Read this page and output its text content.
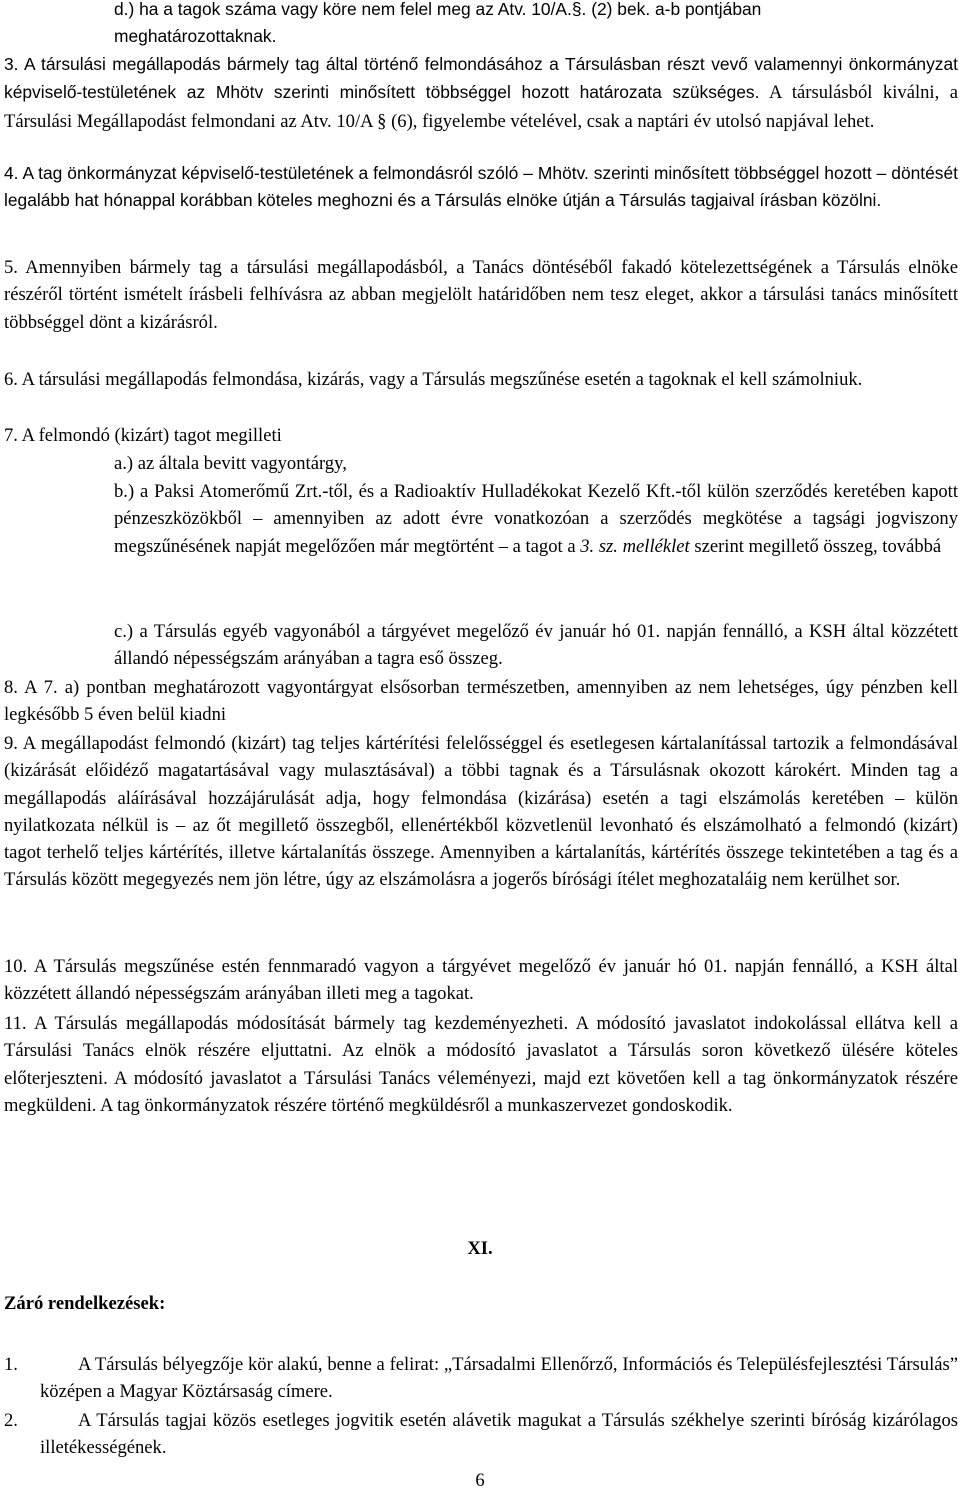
d.) ha a tagok száma vagy köre nem felel meg az Atv. 10/A.§. (2) bek. a-b pontjában
meghatározottaknak.
3. A társulási megállapodás bármely tag által történő felmondásához a Társulásban részt vevő valamennyi önkormányzat képviselő-testületének az Mhötv szerinti minősített többséggel hozott határozata szükséges. A társulásból kiválni, a Társulási Megállapodást felmondani az Atv. 10/A § (6), figyelembe vételével, csak a naptári év utolsó napjával lehet.
4. A tag önkormányzat képviselő-testületének a felmondásról szóló – Mhötv. szerinti minősített többséggel hozott – döntését legalább hat hónappal korábban köteles meghozni és a Társulás elnöke útján a Társulás tagjaival írásban közölni.
5. Amennyiben bármely tag a társulási megállapodásból, a Tanács döntéséből fakadó kötelezettségének a Társulás elnöke részéről történt ismételt írásbeli felhívásra az abban megjelölt határidőben nem tesz eleget, akkor a társulási tanács minősített többséggel dönt a kizárásról.
6. A társulási megállapodás felmondása, kizárás, vagy a Társulás megszűnése esetén a tagoknak el kell számolniuk.
7. A felmondó (kizárt) tagot megilleti
a.) az általa bevitt vagyontárgy,
b.) a Paksi Atomerőmű Zrt.-től, és a Radioaktív Hulladékokat Kezelő Kft.-től külön szerződés keretében kapott pénzeszközökből – amennyiben az adott évre vonatkozóan a szerződés megkötése a tagsági jogviszony megszűnésének napját megelőzően már megtörtént – a tagot a 3. sz. melléklet szerint megillető összeg, továbbá
c.) a Társulás egyéb vagyonából a tárgyévet megelőző év január hó 01. napján fennálló, a KSH által közzétett állandó népességszám arányában a tagra eső összeg.
8. A 7. a) pontban meghatározott vagyontárgyat elsősorban természetben, amennyiben az nem lehetséges, úgy pénzben kell legkésőbb 5 éven belül kiadni
9. A megállapodást felmondó (kizárt) tag teljes kártérítési felelősséggel és esetlegesen kártalanítással tartozik a felmondásával (kizárását előidéző magatartásával vagy mulasztásával) a többi tagnak és a Társulásnak okozott károkért. Minden tag a megállapodás aláírásával hozzájárulását adja, hogy felmondása (kizárása) esetén a tagi elszámolás keretében – külön nyilatkozata nélkül is – az őt megillető összegből, ellenértékből közvetlenül levonható és elszámolható a felmondó (kizárt) tagot terhelő teljes kártérítés, illetve kártalanítás összege. Amennyiben a kártalanítás, kártérítés összege tekintetében a tag és a Társulás között megegyezés nem jön létre, úgy az elszámolásra a jogerős bírósági ítélet meghozataláig nem kerülhet sor.
10. A Társulás megszűnése estén fennmaradó vagyon a tárgyévet megelőző év január hó 01. napján fennálló, a KSH által közzétett állandó népességszám arányában illeti meg a tagokat.
11. A Társulás megállapodás módosítását bármely tag kezdeményezheti. A módosító javaslatot indokolással ellátva kell a Társulási Tanács elnök részére eljuttatni. Az elnök a módosító javaslatot a Társulás soron következő ülésére köteles előterjeszteni. A módosító javaslatot a Társulási Tanács véleményezi, majd ezt követően kell a tag önkormányzatok részére megküldeni. A tag önkormányzatok részére történő megküldésről a munkaszervezet gondoskodik.
XI.
Záró rendelkezések:
1.	A Társulás bélyegzője kör alakú, benne a felirat: „Társadalmi Ellenőrző, Információs és Településfejlesztési Társulás” középen a Magyar Köztársaság címere.
2.	A Társulás tagjai közös esetleges jogvitik esetén alávetik magukat a Társulás székhelye szerinti bíróság kizárólagos illetékességének.
6
